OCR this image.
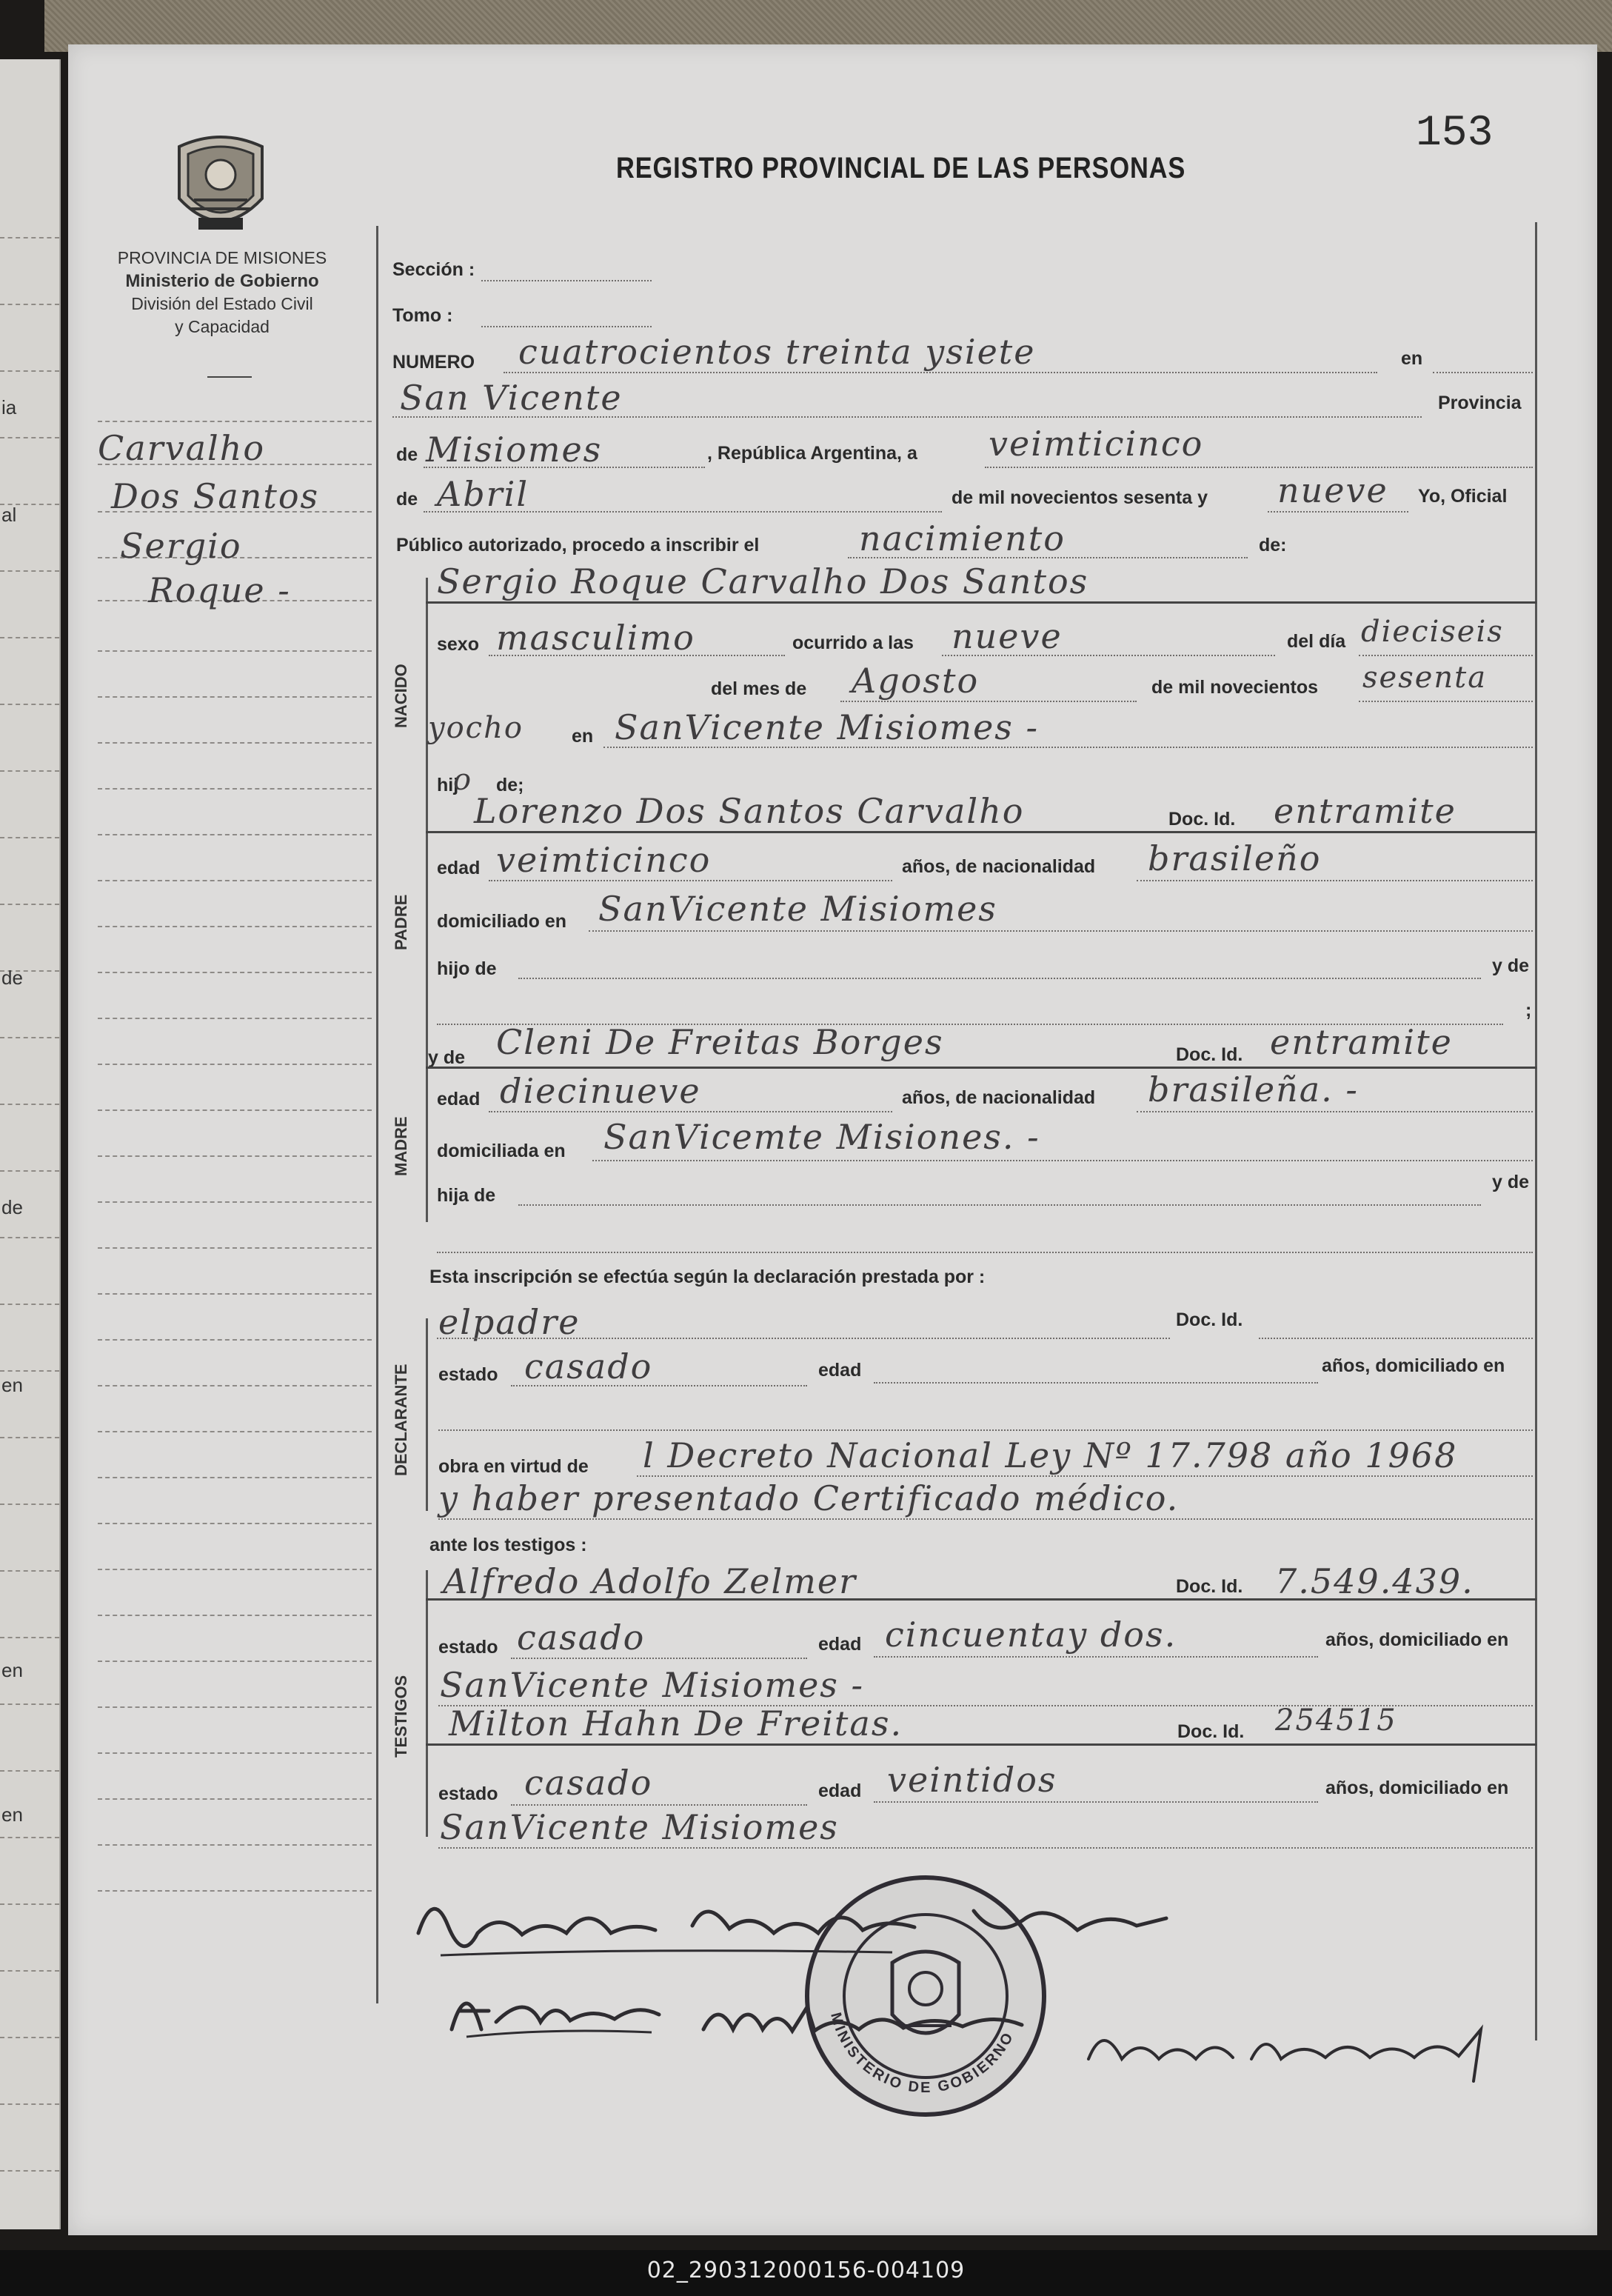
ia
al
de
de
en
en
en
153
REGISTRO PROVINCIAL DE LAS PERSONAS
PROVINCIA DE MISIONES
Ministerio de Gobierno
División del Estado Civil
y Capacidad
Carvalho
Dos Santos
Sergio
Roque -
NACIDO
PADRE
MADRE
DECLARANTE
TESTIGOS
Sección :
Tomo :
NUMERO cuatrocientos treinta ysiete	en
San Vicente	Provincia
de Misiomes	, República Argentina, a veimticinco
de Abril	de mil novecientos sesenta y nueve Yo, Oficial
Público autorizado, procedo a inscribir el	nacimiento	de:
Sergio Roque Carvalho Dos Santos
sexo masculimo	ocurrido a las nueve	del día dieciseis
del mes de Agosto	de mil novecientos sesenta
yocho	en SanVicente Misiomes -
hij
o de;
Lorenzo Dos Santos Carvalho	Doc. Id. entramite
edad veimticinco	años, de nacionalidad brasileño
domiciliado en SanVicente Misiomes
hijo de	y de
;
y de Cleni De Freitas Borges	Doc. Id. entramite
edad diecinueve	años, de nacionalidad brasileña. -
domiciliada en SanVicemte Misiones. -
hija de
y de
Esta inscripción se efectúa según la declaración prestada por :
elpadre	Doc. Id.
estado casado	edad	años, domiciliado en
obra en virtud de l Decreto Nacional Ley Nº 17.798 año 1968
y haber presentado Certificado médico.
ante los testigos :
Alfredo Adolfo Zelmer	Doc. Id. 7.549.439.
estado casado	edad cincuentay dos.	años, domiciliado en
SanVicente Misiomes -
Milton Hahn De Freitas.	Doc. Id. 254515
estado casado	edad veintidos	años, domiciliado en
SanVicente Misiomes
MINISTERIO DE GOBIERNO
02_290312000156-004109
